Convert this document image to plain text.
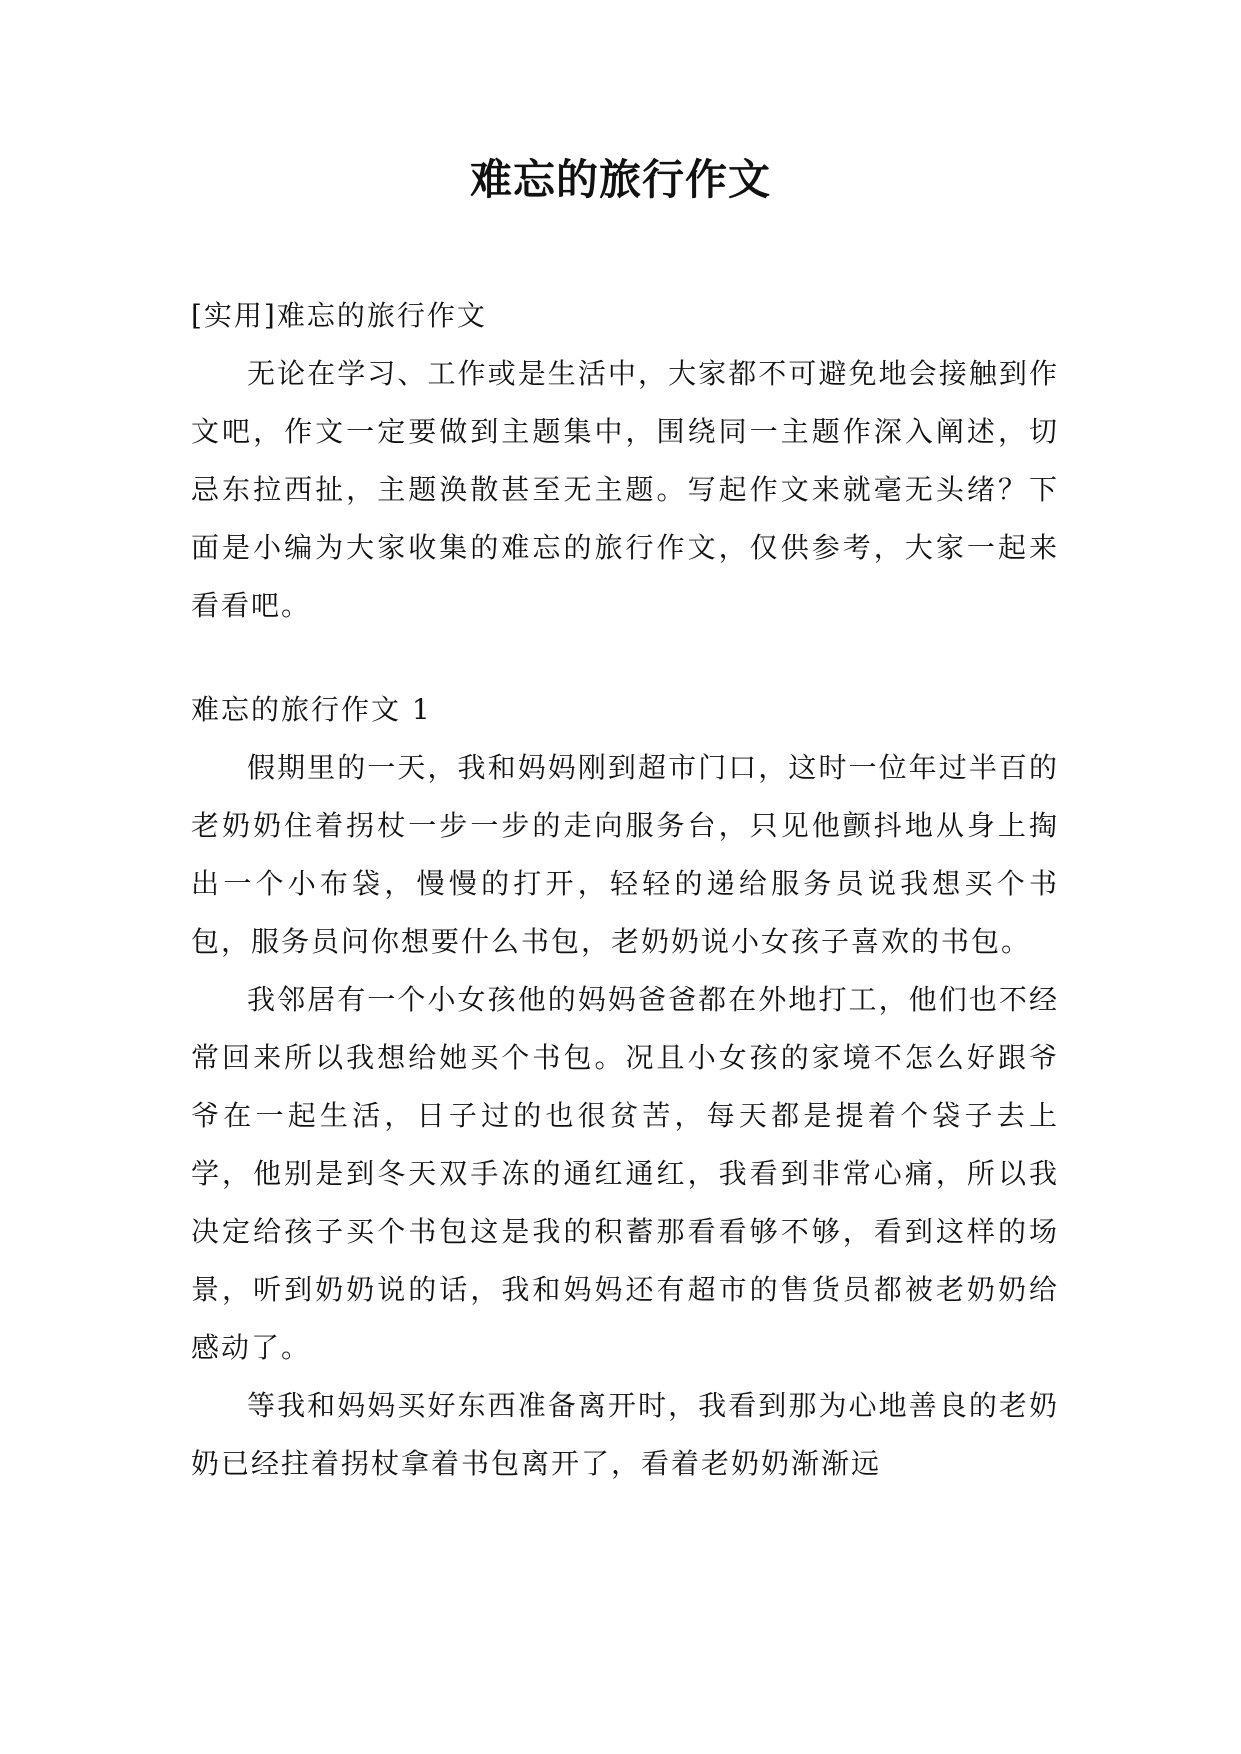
难忘的旅行作文

[实用]难忘的旅行作文

无论在学习、工作或是生活中，大家都不可避免地会接触到作文吧，作文一定要做到主题集中，围绕同一主题作深入阐述，切忌东拉西扯，主题涣散甚至无主题。写起作文来就毫无头绪？下面是小编为大家收集的难忘的旅行作文，仅供参考，大家一起来看看吧。

难忘的旅行作文 1

假期里的一天，我和妈妈刚到超市门口，这时一位年过半百的老奶奶住着拐杖一步一步的走向服务台，只见他颤抖地从身上掏出一个小布袋，慢慢的打开，轻轻的递给服务员说我想买个书包，服务员问你想要什么书包，老奶奶说小女孩子喜欢的书包。

我邻居有一个小女孩他的妈妈爸爸都在外地打工，他们也不经常回来所以我想给她买个书包。况且小女孩的家境不怎么好跟爷爷在一起生活，日子过的也很贫苦，每天都是提着个袋子去上学，他别是到冬天双手冻的通红通红，我看到非常心痛，所以我决定给孩子买个书包这是我的积蓄那看看够不够，看到这样的场景，听到奶奶说的话，我和妈妈还有超市的售货员都被老奶奶给感动了。

等我和妈妈买好东西准备离开时，我看到那为心地善良的老奶奶已经拄着拐杖拿着书包离开了，看着老奶奶渐渐远
